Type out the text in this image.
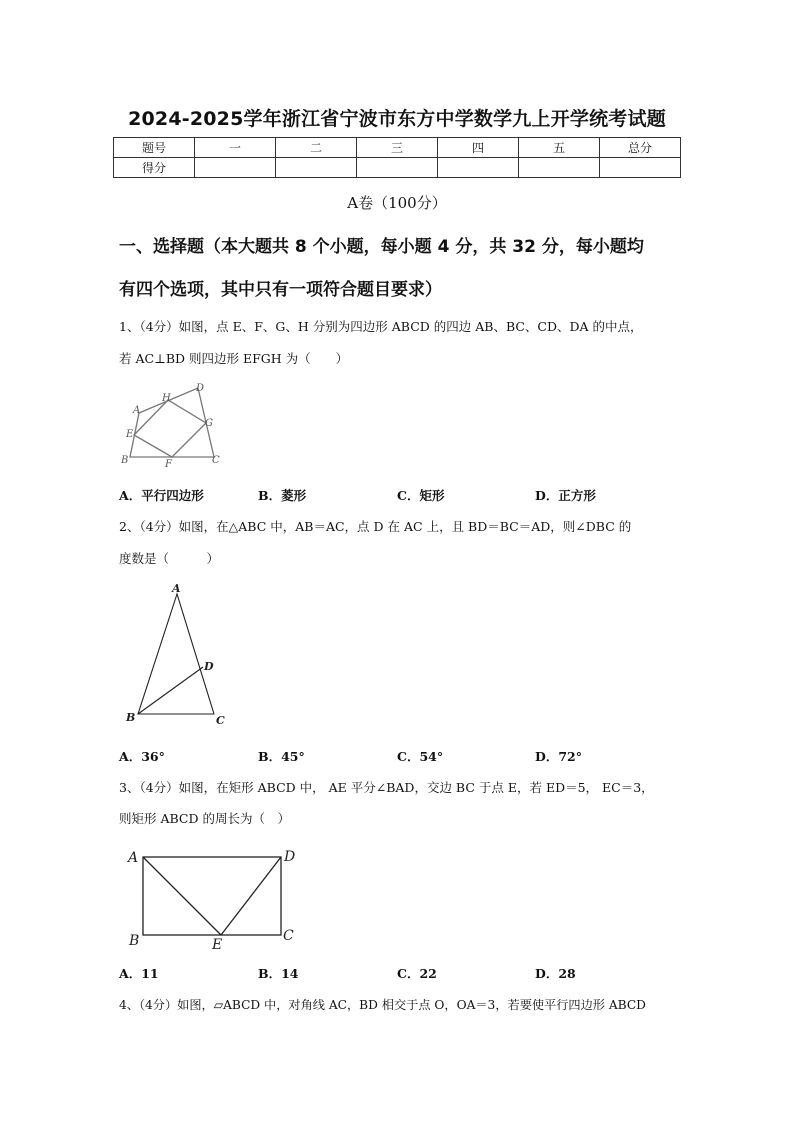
2024-2025学年浙江省宁波市东方中学数学九上开学统考试题
题号	一	二	三	四	五	总分
得分						
A卷（100分）
一、选择题（本大题共 8 个小题，每小题 4 分，共 32 分，每小题均
有四个选项，其中只有一项符合题目要求）
1、（4分）如图，点 E、F、G、H 分别为四边形 ABCD 的四边 AB、BC、CD、DA 的中点，
若 AC⊥BD 则四边形 EFGH 为（　　）
A
B	C
D
E
F
G
H
A．平行四边形	B．菱形	C．矩形	D．正方形
2、（4分）如图，在△ABC 中，AB＝AC，点 D 在 AC 上，且 BD＝BC＝AD，则∠DBC 的
度数是（　　　）
A
B	C
D
A．36°	B．45°	C．54°	D．72°
3、（4分）如图，在矩形 ABCD 中， AE 平分∠BAD，交边 BC 于点 E，若 ED＝5， EC＝3，
则矩形 ABCD 的周长为（　）
A
B	C
D
E
A．11	B．14	C．22	D．28
4、（4分）如图，▱ABCD 中，对角线 AC，BD 相交于点 O，OA＝3，若要使平行四边形 ABCD
